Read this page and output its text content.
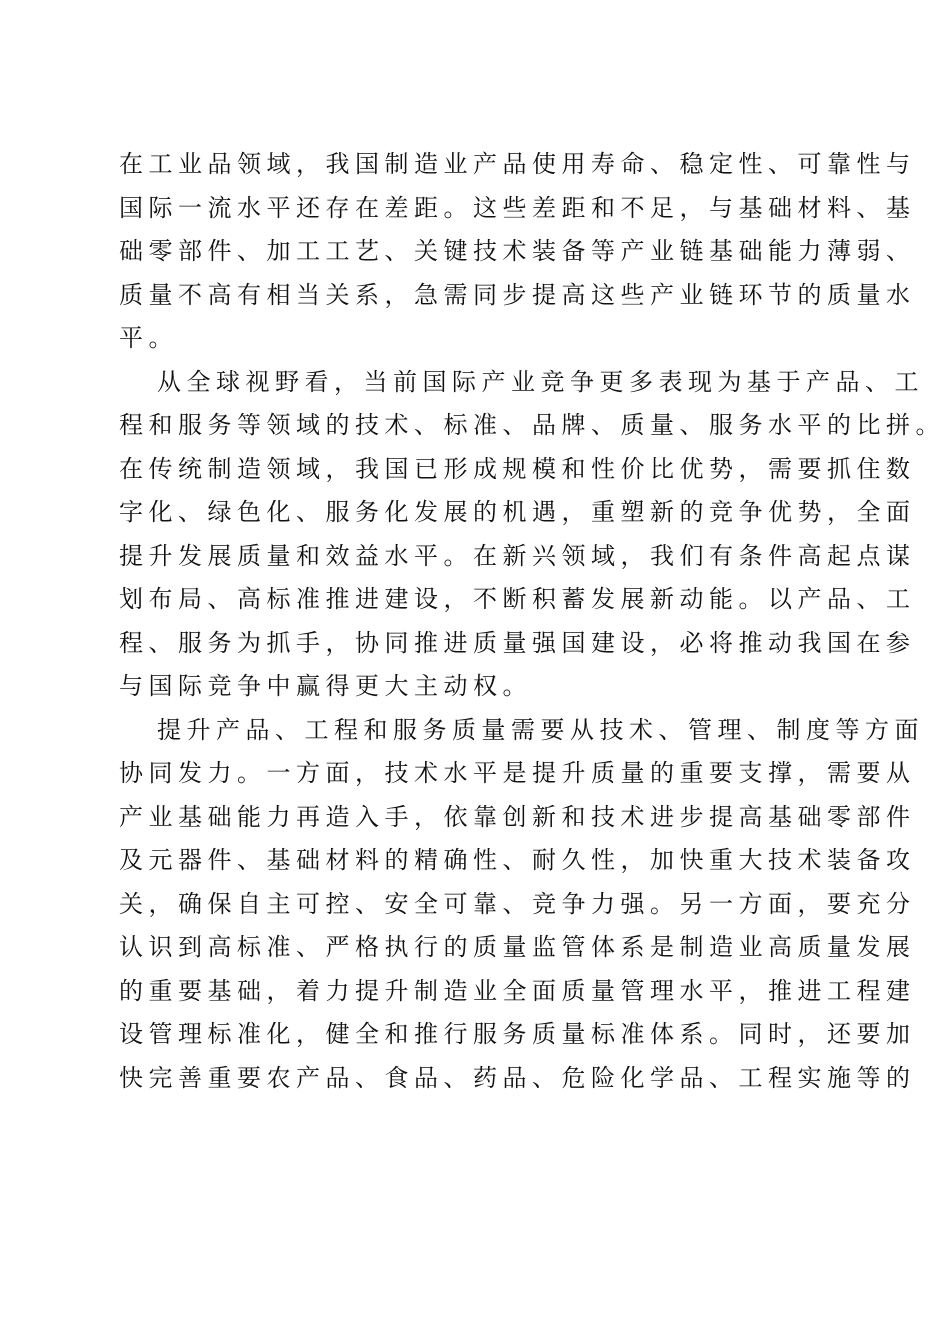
在工业品领域，我国制造业产品使用寿命、稳定性、可靠性与
国际一流水平还存在差距。这些差距和不足，与基础材料、基
础零部件、加工工艺、关键技术装备等产业链基础能力薄弱、
质量不高有相当关系，急需同步提高这些产业链环节的质量水
平。
从全球视野看，当前国际产业竞争更多表现为基于产品、工
程和服务等领域的技术、标准、品牌、质量、服务水平的比拼。
在传统制造领域，我国已形成规模和性价比优势，需要抓住数
字化、绿色化、服务化发展的机遇，重塑新的竞争优势，全面
提升发展质量和效益水平。在新兴领域，我们有条件高起点谋
划布局、高标准推进建设，不断积蓄发展新动能。以产品、工
程、服务为抓手，协同推进质量强国建设，必将推动我国在参
与国际竞争中赢得更大主动权。
提升产品、工程和服务质量需要从技术、管理、制度等方面
协同发力。一方面，技术水平是提升质量的重要支撑，需要从
产业基础能力再造入手，依靠创新和技术进步提高基础零部件
及元器件、基础材料的精确性、耐久性，加快重大技术装备攻
关，确保自主可控、安全可靠、竞争力强。另一方面，要充分
认识到高标准、严格执行的质量监管体系是制造业高质量发展
的重要基础，着力提升制造业全面质量管理水平，推进工程建
设管理标准化，健全和推行服务质量标准体系。同时，还要加
快完善重要农产品、食品、药品、危险化学品、工程实施等的
